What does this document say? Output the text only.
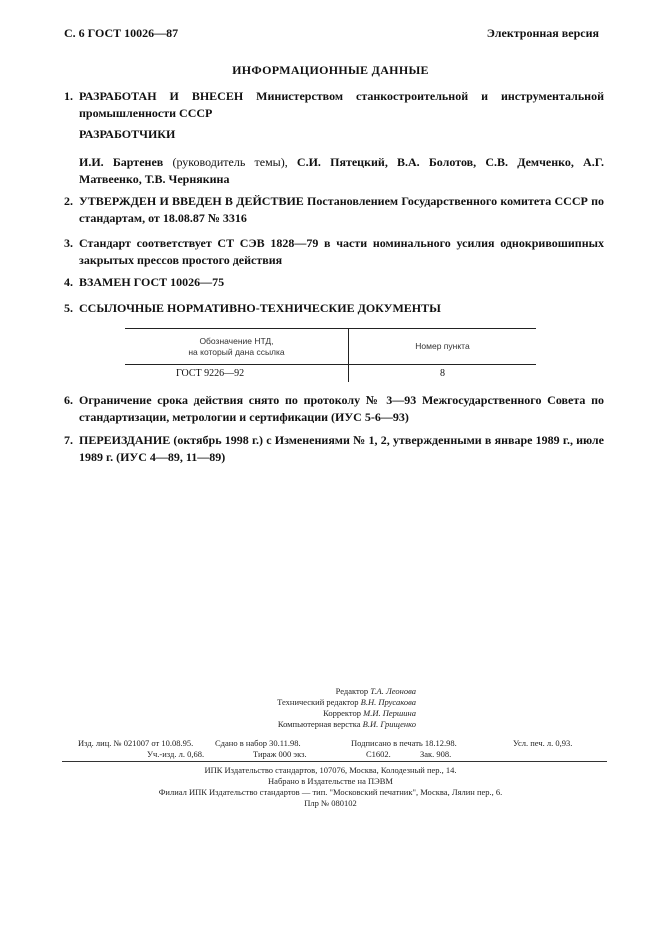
С. 6 ГОСТ 10026—87	Электронная версия
ИНФОРМАЦИОННЫЕ ДАННЫЕ
1. РАЗРАБОТАН И ВНЕСЕН Министерством станкостроительной и инструментальной промышленности СССР
РАЗРАБОТЧИКИ
И.И. Бартенев (руководитель темы), С.И. Пятецкий, В.А. Болотов, С.В. Демченко, А.Г. Матвеенко, Т.В. Чернякина
2. УТВЕРЖДЕН И ВВЕДЕН В ДЕЙСТВИЕ Постановлением Государственного комитета СССР по стандартам, от 18.08.87 № 3316
3. Стандарт соответствует СТ СЭВ 1828—79 в части номинального усилия однокривошипных закрытых прессов простого действия
4. ВЗАМЕН ГОСТ 10026—75
5. ССЫЛОЧНЫЕ НОРМАТИВНО-ТЕХНИЧЕСКИЕ ДОКУМЕНТЫ
Обозначение НТД,
на который дана ссылка	Номер пункта
ГОСТ 9226—92	8
6. Ограничение срока действия снято по протоколу № 3—93 Межгосударственного Совета по стандартизации, метрологии и сертификации (ИУС 5-6—93)
7. ПЕРЕИЗДАНИЕ (октябрь 1998 г.) с Изменениями № 1, 2, утвержденными в январе 1989 г., июле 1989 г. (ИУС 4—89, 11—89)
Редактор Т.А. Леонова
Технический редактор В.Н. Прусакова
Корректор М.И. Першина
Компьютерная верстка В.И. Грищенко
Изд. лиц. № 021007 от 10.08.95.	Сдано в набор 30.11.98.	Подписано в печать 18.12.98.	Усл. печ. л. 0,93.
Уч.-изд. л. 0,68.	Тираж 000 экз.	С1602.	Зак. 908.
ИПК Издательство стандартов, 107076, Москва, Колодезный пер., 14.
Набрано в Издательстве на ПЭВМ
Филиал ИПК Издательство стандартов — тип. "Московский печатник", Москва, Лялин пер., 6.
Плр № 080102
